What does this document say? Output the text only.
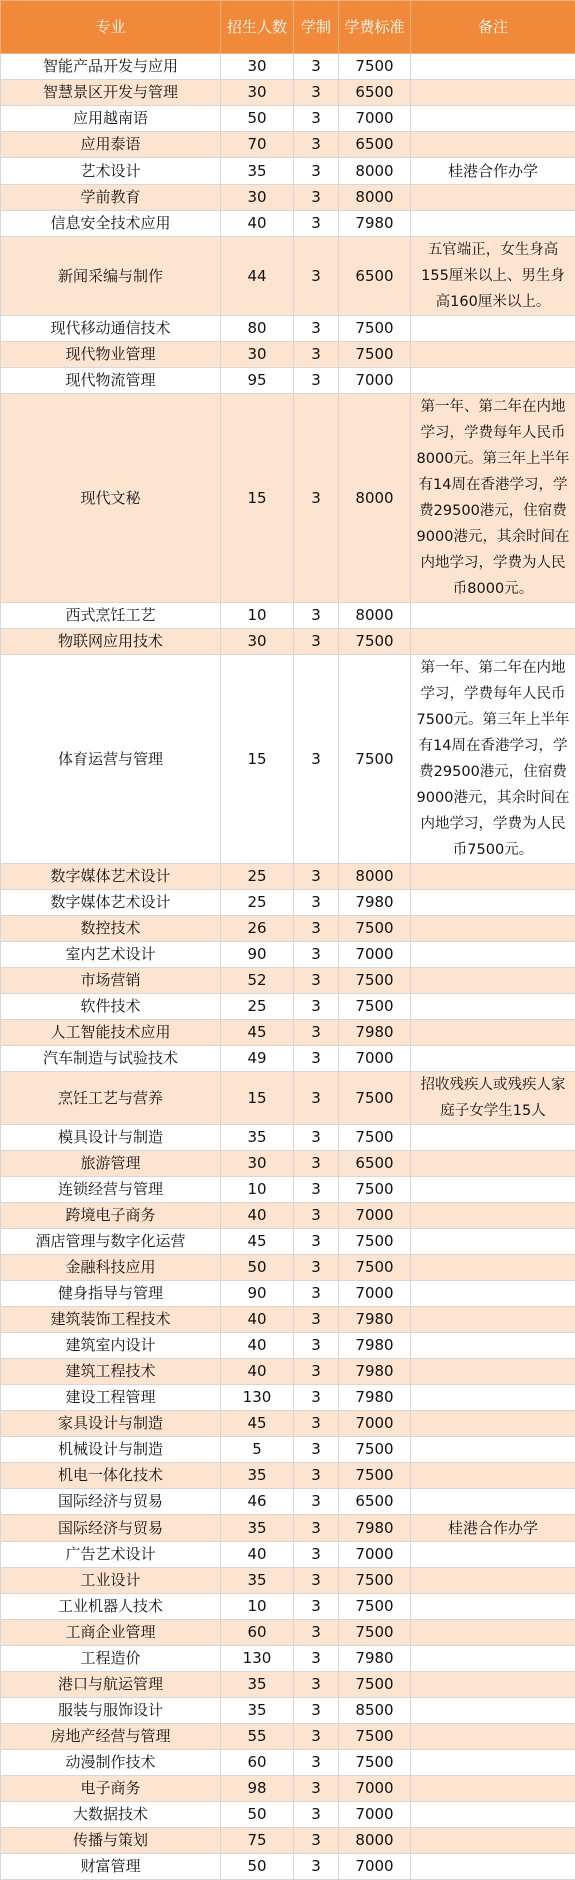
专业	招生人数	学制	学费标准	备注
智能产品开发与应用	30	3	7500	
智慧景区开发与管理	30	3	6500	
应用越南语	50	3	7000	
应用泰语	70	3	6500	
艺术设计	35	3	8000	桂港合作办学
学前教育	30	3	8000	
信息安全技术应用	40	3	7980	
新闻采编与制作	44	3	6500	五官端正，女生身高155厘米以上、男生身高160厘米以上。
现代移动通信技术	80	3	7500	
现代物业管理	30	3	7500	
现代物流管理	95	3	7000	
现代文秘	15	3	8000	第一年、第二年在内地学习，学费每年人民币8000元。第三年上半年有14周在香港学习，学费29500港元，住宿费9000港元，其余时间在内地学习，学费为人民币8000元。
西式烹饪工艺	10	3	8000	
物联网应用技术	30	3	7500	
体育运营与管理	15	3	7500	第一年、第二年在内地学习，学费每年人民币7500元。第三年上半年有14周在香港学习，学费29500港元，住宿费9000港元，其余时间在内地学习，学费为人民币7500元。
数字媒体艺术设计	25	3	8000	
数字媒体艺术设计	25	3	7980	
数控技术	26	3	7500	
室内艺术设计	90	3	7000	
市场营销	52	3	7500	
软件技术	25	3	7500	
人工智能技术应用	45	3	7980	
汽车制造与试验技术	49	3	7000	
烹饪工艺与营养	15	3	7500	招收残疾人或残疾人家庭子女学生15人
模具设计与制造	35	3	7500	
旅游管理	30	3	6500	
连锁经营与管理	10	3	7500	
跨境电子商务	40	3	7000	
酒店管理与数字化运营	45	3	7500	
金融科技应用	50	3	7500	
健身指导与管理	90	3	7000	
建筑装饰工程技术	40	3	7980	
建筑室内设计	40	3	7980	
建筑工程技术	40	3	7980	
建设工程管理	130	3	7980	
家具设计与制造	45	3	7000	
机械设计与制造	5	3	7500	
机电一体化技术	35	3	7500	
国际经济与贸易	46	3	6500	
国际经济与贸易	35	3	7980	桂港合作办学
广告艺术设计	40	3	7000	
工业设计	35	3	7500	
工业机器人技术	10	3	7500	
工商企业管理	60	3	7500	
工程造价	130	3	7980	
港口与航运管理	35	3	7500	
服装与服饰设计	35	3	8500	
房地产经营与管理	55	3	7500	
动漫制作技术	60	3	7500	
电子商务	98	3	7000	
大数据技术	50	3	7000	
传播与策划	75	3	8000	
财富管理	50	3	7000	
